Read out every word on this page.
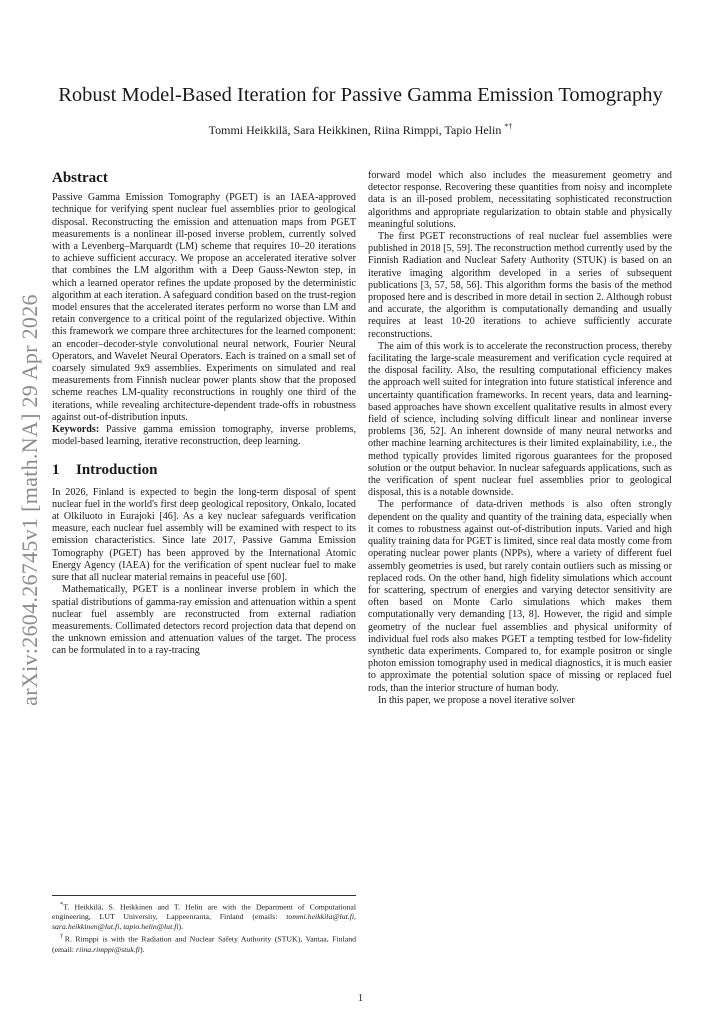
arXiv:2604.26745v1 [math.NA] 29 Apr 2026
Robust Model-Based Iteration for Passive Gamma Emission Tomography
Tommi Heikkilä, Sara Heikkinen, Riina Rimppi, Tapio Helin *†
Abstract

Passive Gamma Emission Tomography (PGET) is an IAEA-approved technique for verifying spent nuclear fuel assemblies prior to geological disposal. Reconstructing the emission and attenuation maps from PGET measurements is a nonlinear ill-posed inverse problem, currently solved with a Levenberg–Marquardt (LM) scheme that requires 10–20 iterations to achieve sufficient accuracy. We propose an accelerated iterative solver that combines the LM algorithm with a Deep Gauss-Newton step, in which a learned operator refines the update proposed by the deterministic algorithm at each iteration. A safeguard condition based on the trust-region model ensures that the accelerated iterates perform no worse than LM and retain convergence to a critical point of the regularized objective. Within this framework we compare three architectures for the learned component: an encoder–decoder-style convolutional neural network, Fourier Neural Operators, and Wavelet Neural Operators. Each is trained on a small set of coarsely simulated 9x9 assemblies. Experiments on simulated and real measurements from Finnish nuclear power plants show that the proposed scheme reaches LM-quality reconstructions in roughly one third of the iterations, while revealing architecture-dependent trade-offs in robustness against out-of-distribution inputs.

Keywords: Passive gamma emission tomography, inverse problems, model-based learning, iterative reconstruction, deep learning.

1 Introduction

In 2026, Finland is expected to begin the long-term disposal of spent nuclear fuel in the world's first deep geological repository, Onkalo, located at Olkiluoto in Eurajoki [46]. As a key nuclear safeguards verification measure, each nuclear fuel assembly will be examined with respect to its emission characteristics. Since late 2017, Passive Gamma Emission Tomography (PGET) has been approved by the International Atomic Energy Agency (IAEA) for the verification of spent nuclear fuel to make sure that all nuclear material remains in peaceful use [60].

Mathematically, PGET is a nonlinear inverse problem in which the spatial distributions of gamma-ray emission and attenuation within a spent nuclear fuel assembly are reconstructed from external radiation measurements. Collimated detectors record projection data that depend on the unknown emission and attenuation values of the target. The process can be formulated in to a ray-tracing

forward model which also includes the measurement geometry and detector response. Recovering these quantities from noisy and incomplete data is an ill-posed problem, necessitating sophisticated reconstruction algorithms and appropriate regularization to obtain stable and physically meaningful solutions.

The first PGET reconstructions of real nuclear fuel assemblies were published in 2018 [5, 59]. The reconstruction method currently used by the Finnish Radiation and Nuclear Safety Authority (STUK) is based on an iterative imaging algorithm developed in a series of subsequent publications [3, 57, 58, 56]. This algorithm forms the basis of the method proposed here and is described in more detail in section 2. Although robust and accurate, the algorithm is computationally demanding and usually requires at least 10-20 iterations to achieve sufficiently accurate reconstructions.

The aim of this work is to accelerate the reconstruction process, thereby facilitating the large-scale measurement and verification cycle required at the disposal facility. Also, the resulting computational efficiency makes the approach well suited for integration into future statistical inference and uncertainty quantification frameworks. In recent years, data and learning-based approaches have shown excellent qualitative results in almost every field of science, including solving difficult linear and nonlinear inverse problems [36, 52]. An inherent downside of many neural networks and other machine learning architectures is their limited explainability, i.e., the method typically provides limited rigorous guarantees for the proposed solution or the output behavior. In nuclear safeguards applications, such as the verification of spent nuclear fuel assemblies prior to geological disposal, this is a notable downside.

The performance of data-driven methods is also often strongly dependent on the quality and quantity of the training data, especially when it comes to robustness against out-of-distribution inputs. Varied and high quality training data for PGET is limited, since real data mostly come from operating nuclear power plants (NPPs), where a variety of different fuel assembly geometries is used, but rarely contain outliers such as missing or replaced rods. On the other hand, high fidelity simulations which account for scattering, spectrum of energies and varying detector sensitivity are often based on Monte Carlo simulations which makes them computationally very demanding [13, 8]. However, the rigid and simple geometry of the nuclear fuel assemblies and physical uniformity of individual fuel rods also makes PGET a tempting testbed for low-fidelity synthetic data experiments. Compared to, for example positron or single photon emission tomography used in medical diagnostics, it is much easier to approximate the potential solution space of missing or replaced fuel rods, than the interior structure of human body.

In this paper, we propose a novel iterative solver

*T. Heikkilä, S. Heikkinen and T. Helin are with the Department of Computational engineering, LUT University, Lappeenranta, Finland (emails: tommi.heikkila@lut.fi, sara.heikkinen@lut.fi, tapio.helin@lut.fi).

†R. Rimppi is with the Radiation and Nuclear Safety Authority (STUK), Vantaa, Finland (email: riina.rimppi@stuk.fi).

1
